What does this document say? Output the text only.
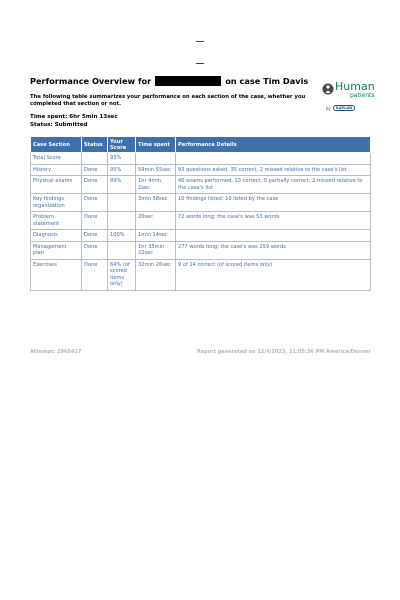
Performance Overview for	on case Tim Davis
The following table summarizes your performance on each section of the case, whether you completed that section or not.
Time spent: 6hr 5min 13sec
Status: Submitted
Human
patients
by	KAPLAN
Case Section	Status	Your Score	Time spent	Performance Details
Total Score		93%		
History	Done	95%	59min 55sec	93 questions asked, 35 correct, 2 missed relative to the case's list
Physical exams	Done	89%	1hr 4min 2sec	46 exams performed, 13 correct, 0 partially correct, 2 missed relative to the case's list
Key findings organization	Done		3min 58sec	10 findings listed; 10 listed by the case
Problem statement	Done		20sec	72 words long; the case's was 53 words
Diagnosis	Done	100%	1min 14sec	
Management plan	Done		1hr 35min 22sec	277 words long; the case's was 259 words
Exercises	Done	64% (of scored items only)	32min 26sec	9 of 14 correct (of scored items only)
Attempt: 2968417	Report generated on 12/4/2023, 11:05:36 PM America/Denver
